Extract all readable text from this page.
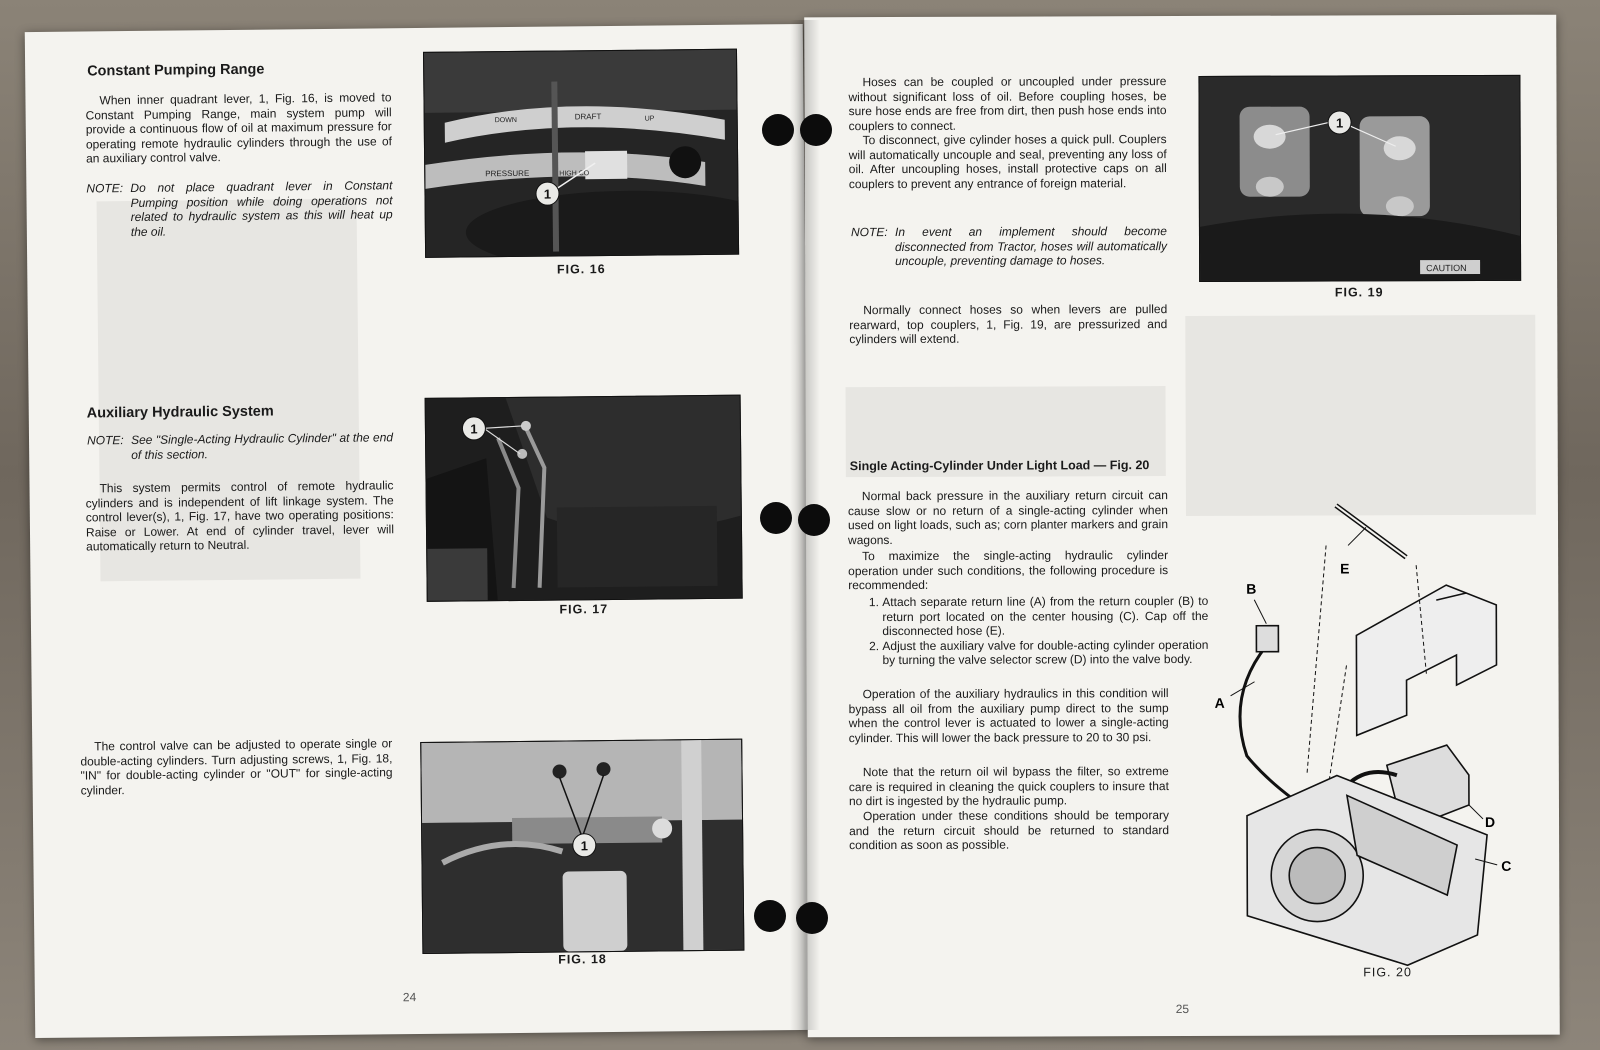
Constant Pumping Range

When inner quadrant lever, 1, Fig. 16, is moved to Constant Pumping Range, main system pump will provide a continuous flow of oil at maximum pressure for operating remote hydraulic cylinders through the use of an auxiliary control valve.

NOTE: Do not place quadrant lever in Constant Pumping position while doing operations not related to hydraulic system as this will heat up the oil.
DOWN	DRAFT	UP
PRESSURE	HIGH CO
1
FIG. 16
Auxiliary Hydraulic System
NOTE: See "Single-Acting Hydraulic Cylinder" at the end of this section.

This system permits control of remote hydraulic cylinders and is independent of lift linkage system. The control lever(s), 1, Fig. 17, have two operating positions: Raise or Lower. At end of cylinder travel, lever will automatically return to Neutral.

1
FIG. 17

The control valve can be adjusted to operate single or double-acting cylinders. Turn adjusting screws, 1, Fig. 18, "IN" for double-acting cylinder or "OUT" for single-acting cylinder.

1
FIG. 18
24

Hoses can be coupled or uncoupled under pressure without significant loss of oil. Before coupling hoses, be sure hose ends are free from dirt, then push hose ends into couplers to connect.

To disconnect, give cylinder hoses a quick pull. Couplers will automatically uncouple and seal, preventing any loss of oil. After uncoupling hoses, install protective caps on all couplers to prevent any entrance of foreign material.

NOTE: In event an implement should become disconnected from Tractor, hoses will automatically uncouple, preventing damage to hoses.

Normally connect hoses so when levers are pulled rearward, top couplers, 1, Fig. 19, are pressurized and cylinders will extend.

Single Acting-Cylinder Under Light Load — Fig. 20

Normal back pressure in the auxiliary return circuit can cause slow or no return of a single-acting cylinder when used on light loads, such as; corn planter markers and grain wagons.

To maximize the single-acting hydraulic cylinder operation under such conditions, the following procedure is recommended:

1. Attach separate return line (A) from the return coupler (B) to return port located on the center housing (C). Cap off the disconnected hose (E).
2. Adjust the auxiliary valve for double-acting cylinder operation by turning the valve selector screw (D) into the valve body.

Operation of the auxiliary hydraulics in this condition will bypass all oil from the auxiliary pump direct to the sump when the control lever is actuated to lower a single-acting cylinder. This will lower the back pressure to 20 to 30 psi.

Note that the return oil wil bypass the filter, so extreme care is required in cleaning the quick couplers to insure that no dirt is ingested by the hydraulic pump.

Operation under these conditions should be temporary and the return circuit should be returned to standard condition as soon as possible.

CAUTION
1
FIG. 19
A
B
C
D
E
FIG. 20
25
